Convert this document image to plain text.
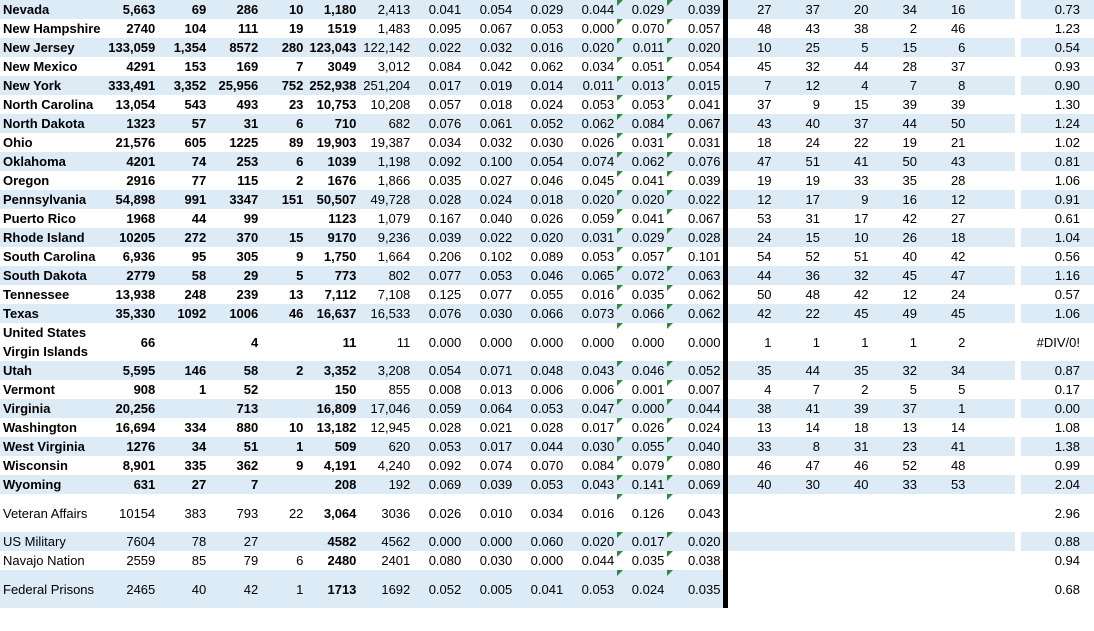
Nevada	5,663	69	286	10	1,180	2,413	0.041	0.054	0.029	0.044	0.029	0.039		27	37	20	34	16			0.73
New Hampshire	2740	104	111	19	1519	1,483	0.095	0.067	0.053	0.000	0.070	0.057		48	43	38	2	46			1.23
New Jersey	133,059	1,354	8572	280	123,043	122,142	0.022	0.032	0.016	0.020	0.011	0.020		10	25	5	15	6			0.54
New Mexico	4291	153	169	7	3049	3,012	0.084	0.042	0.062	0.034	0.051	0.054		45	32	44	28	37			0.93
New York	333,491	3,352	25,956	752	252,938	251,204	0.017	0.019	0.014	0.011	0.013	0.015		7	12	4	7	8			0.90
North Carolina	13,054	543	493	23	10,753	10,208	0.057	0.018	0.024	0.053	0.053	0.041		37	9	15	39	39			1.30
North Dakota	1323	57	31	6	710	682	0.076	0.061	0.052	0.062	0.084	0.067		43	40	37	44	50			1.24
Ohio	21,576	605	1225	89	19,903	19,387	0.034	0.032	0.030	0.026	0.031	0.031		18	24	22	19	21			1.02
Oklahoma	4201	74	253	6	1039	1,198	0.092	0.100	0.054	0.074	0.062	0.076		47	51	41	50	43			0.81
Oregon	2916	77	115	2	1676	1,866	0.035	0.027	0.046	0.045	0.041	0.039		19	19	33	35	28			1.06
Pennsylvania	54,898	991	3347	151	50,507	49,728	0.028	0.024	0.018	0.020	0.020	0.022		12	17	9	16	12			0.91
Puerto Rico	1968	44	99		1123	1,079	0.167	0.040	0.026	0.059	0.041	0.067		53	31	17	42	27			0.61
Rhode Island	10205	272	370	15	9170	9,236	0.039	0.022	0.020	0.031	0.029	0.028		24	15	10	26	18			1.04
South Carolina	6,936	95	305	9	1,750	1,664	0.206	0.102	0.089	0.053	0.057	0.101		54	52	51	40	42			0.56
South Dakota	2779	58	29	5	773	802	0.077	0.053	0.046	0.065	0.072	0.063		44	36	32	45	47			1.16
Tennessee	13,938	248	239	13	7,112	7,108	0.125	0.077	0.055	0.016	0.035	0.062		50	48	42	12	24			0.57
Texas	35,330	1092	1006	46	16,637	16,533	0.076	0.030	0.066	0.073	0.066	0.062		42	22	45	49	45			1.06
United States Virgin Islands	66		4		11	11	0.000	0.000	0.000	0.000	0.000	0.000		1	1	1	1	2			#DIV/0!
Utah	5,595	146	58	2	3,352	3,208	0.054	0.071	0.048	0.043	0.046	0.052		35	44	35	32	34			0.87
Vermont	908	1	52		150	855	0.008	0.013	0.006	0.006	0.001	0.007		4	7	2	5	5			0.17
Virginia	20,256		713		16,809	17,046	0.059	0.064	0.053	0.047	0.000	0.044		38	41	39	37	1			0.00
Washington	16,694	334	880	10	13,182	12,945	0.028	0.021	0.028	0.017	0.026	0.024		13	14	18	13	14			1.08
West Virginia	1276	34	51	1	509	620	0.053	0.017	0.044	0.030	0.055	0.040		33	8	31	23	41			1.38
Wisconsin	8,901	335	362	9	4,191	4,240	0.092	0.074	0.070	0.084	0.079	0.080		46	47	46	52	48			0.99
Wyoming	631	27	7		208	192	0.069	0.039	0.053	0.043	0.141	0.069		40	30	40	33	53			2.04
Veteran Affairs	10154	383	793	22	3,064	3036	0.026	0.010	0.034	0.016	0.126	0.043									2.96
US Military	7604	78	27		4582	4562	0.000	0.000	0.060	0.020	0.017	0.020									0.88
Navajo Nation	2559	85	79	6	2480	2401	0.080	0.030	0.000	0.044	0.035	0.038									0.94
Federal Prisons	2465	40	42	1	1713	1692	0.052	0.005	0.041	0.053	0.024	0.035									0.68
